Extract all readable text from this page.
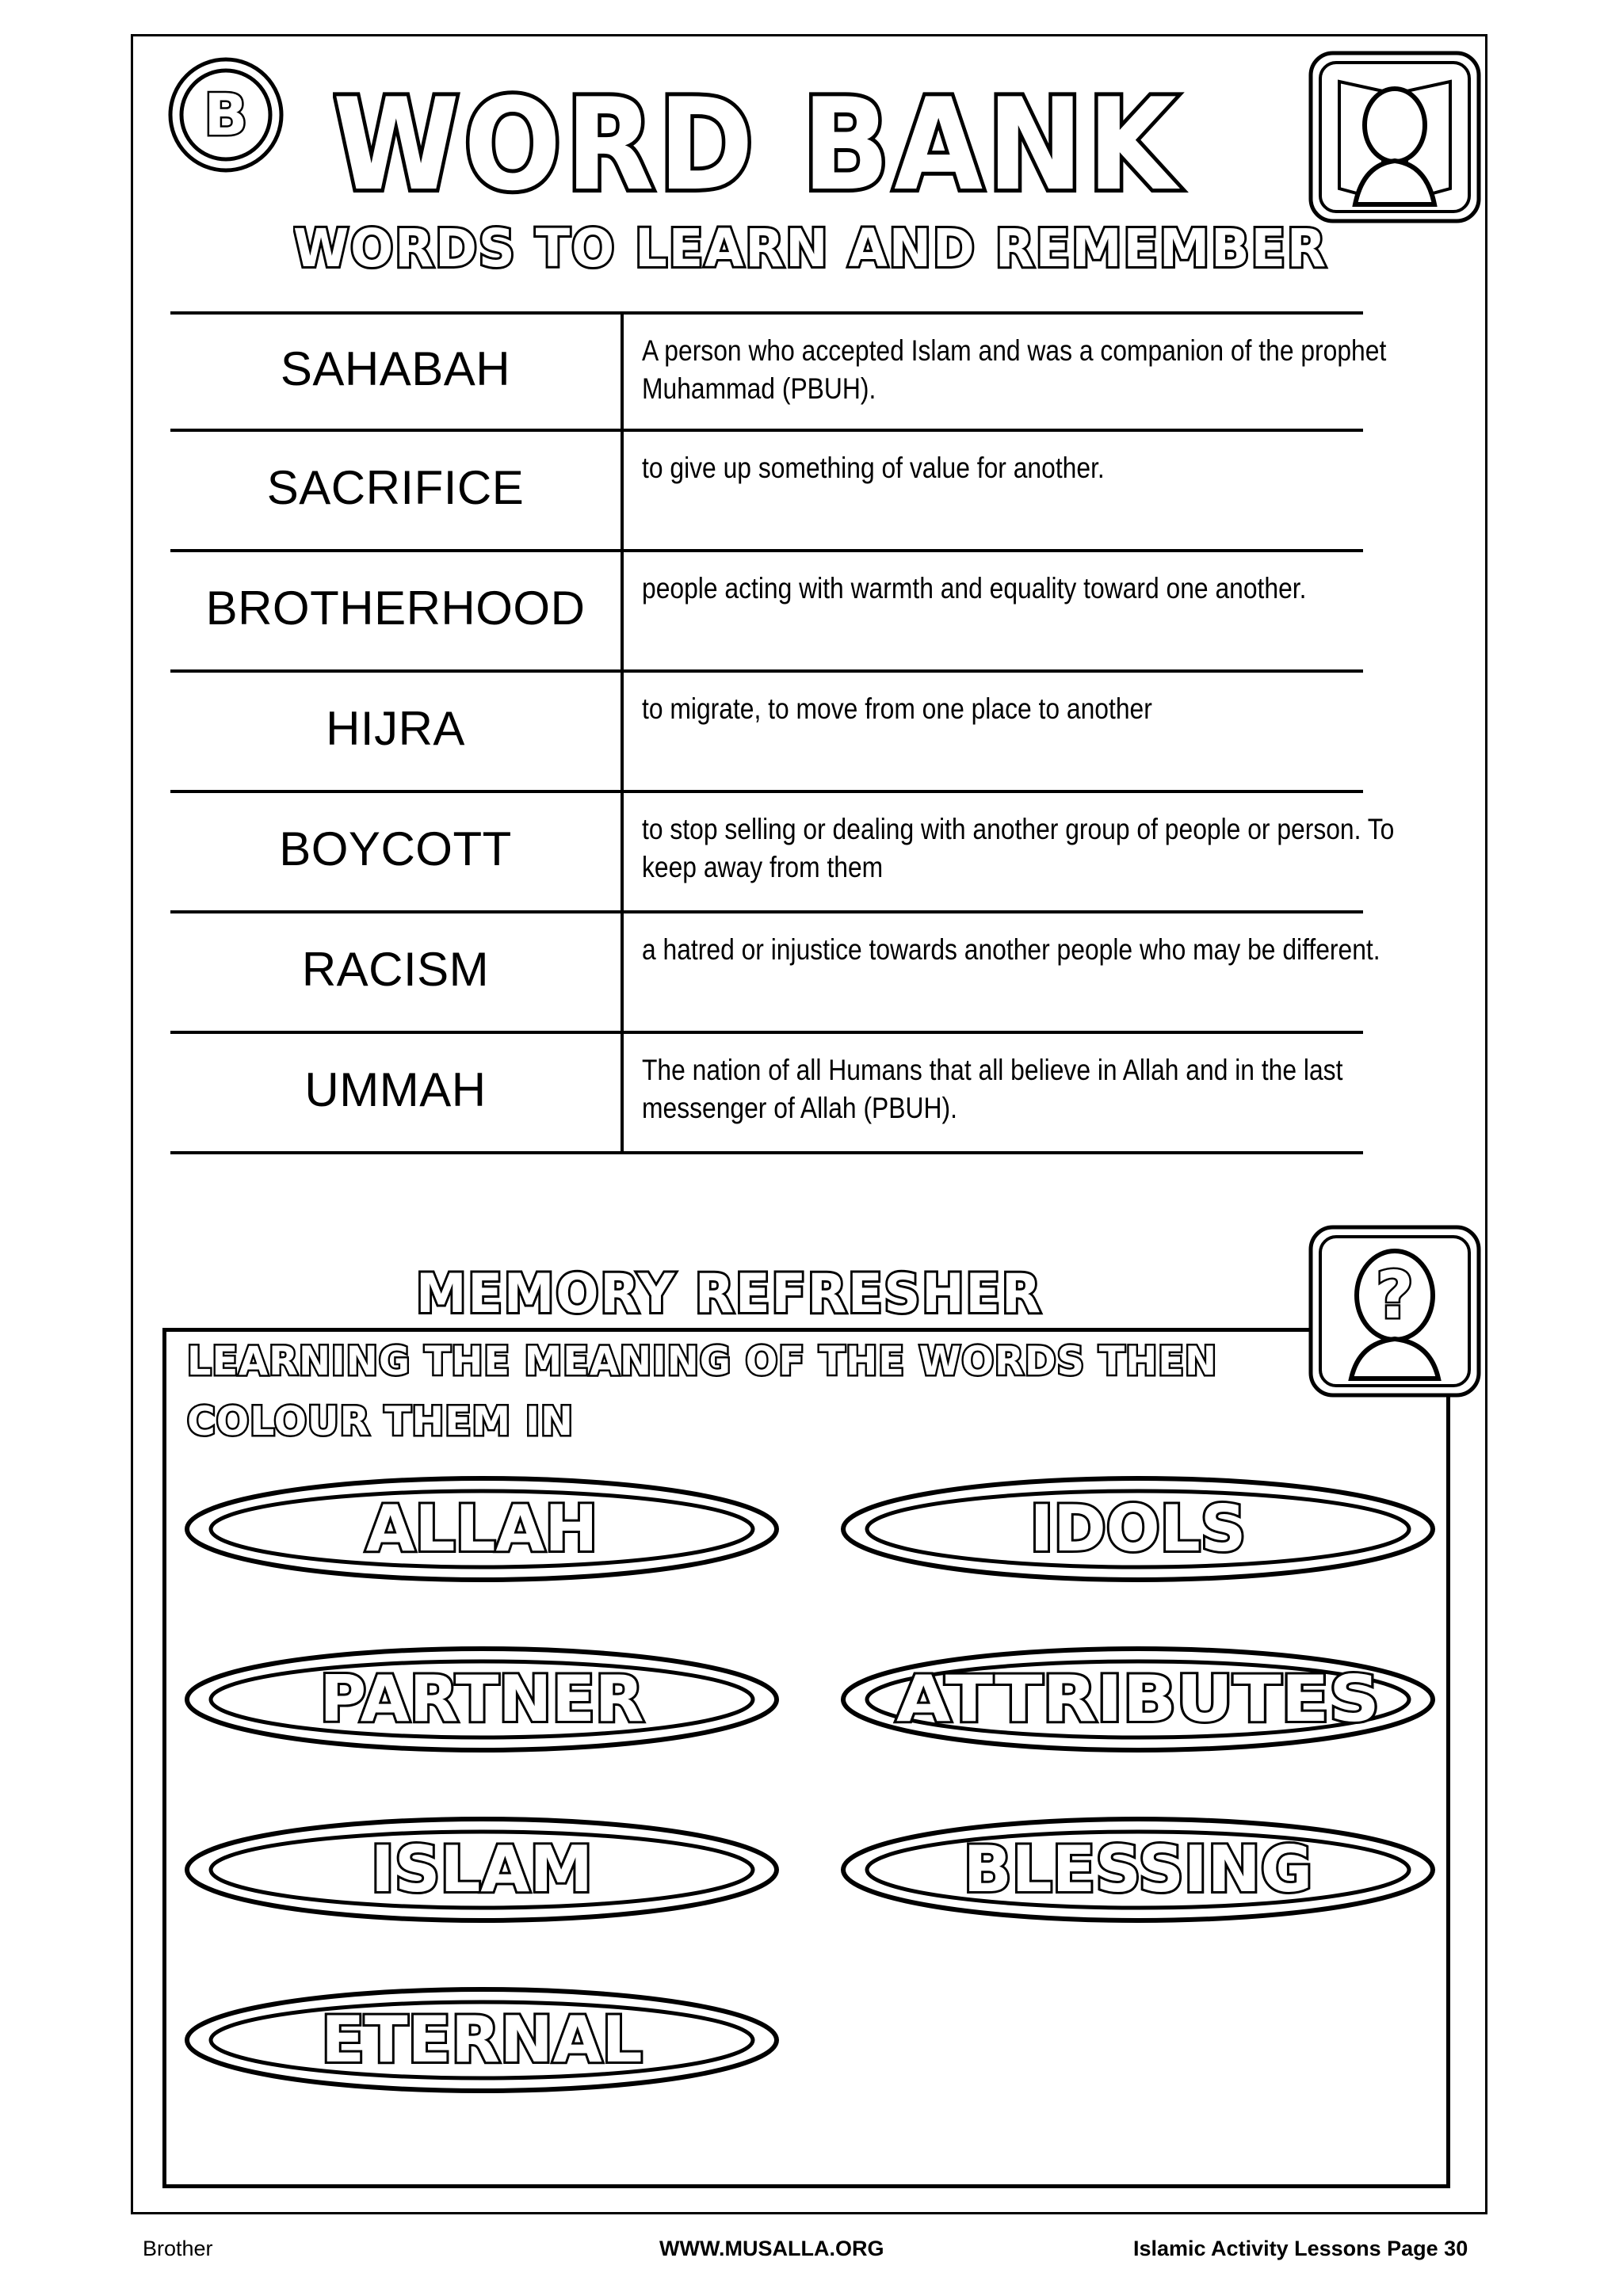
B WORD BANK
WORDS TO LEARN AND REMEMBER
SAHABAH	A person who accepted Islam and was a companion of the prophet Muhammad (PBUH).
SACRIFICE	to give up something of value for another.
BROTHERHOOD	people acting with warmth and equality toward one another.
HIJRA	to migrate, to move from one place to another
BOYCOTT	to stop selling or dealing with another group of people or person. To keep away from them
RACISM	a hatred or injustice towards another people who may be different.
UMMAH	The nation of all Humans that all believe in Allah and in the last messenger of Allah (PBUH).
MEMORY REFRESHER	?
LEARNING THE MEANING OF THE WORDS THEN
COLOUR THEM IN
ALLAH	IDOLS
PARTNER	ATTRIBUTES
ISLAM	BLESSING
ETERNAL
Brother	WWW.MUSALLA.ORG	Islamic Activity Lessons Page 30
